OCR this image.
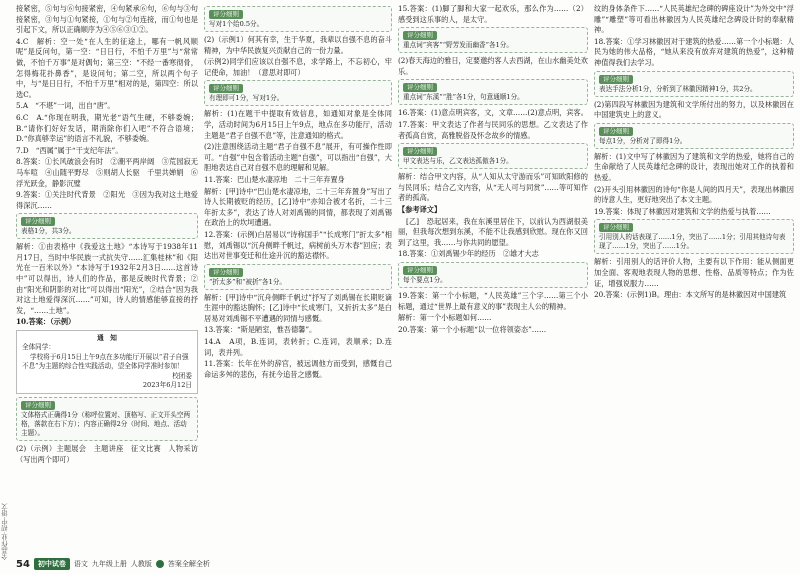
全品作业·初中·语文

接紧密，⑤句与⑥句接紧密，④句紧承⑥句，⑥句与③句接紧密，③句与①句紧接，①句与②句连接，而①句也是引起下文，所以正确顺序为④⑤⑥③①②。

4.C　解析：空一处“在人生的征途上，哪有一帆风顺呢”是反问句，第一空：“日日行，不怕千万里”与“常常做，不怕千万事”是对偶句；第三空：“不经一番寒彻骨，怎得梅花扑鼻香”，是设问句；第二空，所以两个句子中，与“是日日行，不怕千万里”相对的是，第四空：所以选C。

5.A　“不堪”一词，出自“唐”。

6.C　A.“你现在明我，期光老“语气生硬，不够委婉；B.“请你们好好发话，期消除你们入吧”不符合语境；D.“你真够幸运”的语言不礼貌，不够委婉。

7.D　“西属”属于“干支纪年法”。

8.答案：①长风破浪会有时　②潮平两岸阔　③荒园寂无马车喧　④山随平野尽　⑤则胡人长驱　千里共婵娟　⑥浮光跃金，静影沉璧

9.答案：①关注时代背景　②阳光　③因为我对这土地爱得深沉……

评分细则
表格1分，共3分。

解析：①由表格中《我爱这土地》“本诗写于1938年11月17日，当时中华民族一式抗失守……汇集桂林”和《阳光在一百米以外》“本诗写于1932年2月3日……这首诗中”可以得出，诗人们的作品，都是反映时代背景；②由“阳光和阴影的对比“可以得出“阳光”，②结合“因为我对这土地爱得深沉……”可知，诗人的情感能够直接的抒发，“……土地”。

10.答案：（示例）

通　知
全体同学：
学校将于6月15日上午9点在多功能厅开展以“君子自强不息”为主题的综合性实践活动，望全体同学准时参加！
校团委
2023年6月12日
评分细则
文体格式正确得1分（称呼位置对、顶格写、正文开头空两格，落款在右下方）；内容正确得2分（时间、地点、活动主题）。

(2)（示例）主题展会　主题讲座　征文比赛　人物采访（写出两个即可）

评分细则
写对1个给0.5分。

(2)（示例1）何其有幸，生于华夏，我辈以自强不息的奋斗精神，为中华民族复兴贡献自己的一份力量。

(示例2)同学们应该以自强不息，求学路上，不忘初心，牢记使命，加油！（意思对即可）

评分细则
有理即可1分，写对1分。

解析：(1)在题干中提取有效信息，如通知对象是全体同学，活动时间为6月15日上午9点，地点在多功能厅，活动主题是“君子自强不息”等，注意通知的格式。

(2)注意围绕活动主题“君子自强不息”展开，有可操作性即可。“自强”中包含着活动主题“自强”，可以指出“自强”，大胆地表达自己对自强不息的理解和见解。

11.答案：巴山楚水凄凉地　二十三年弃置身

解析：[甲]诗中“巴山楚水凄凉地，二十三年弃置身”写出了诗人长期被贬的经历，[乙]诗中“亦知合被才名折，二十三年折太多”，表达了诗人对刘禹锡的同情，都表现了刘禹锡在政治上的坎坷遭遇。

12.答案：(示例)白居易以“诗称国手”“长成寒门”折太多”相慰，刘禹锡以“沉舟侧畔千帆过，病树前头万木春”回应；表达出对世事变迁和仕途升沉的豁达襟怀。

评分细则
“折太多”和“被折”各1分。

解析：[甲]诗中“沉舟侧畔千帆过”抒写了刘禹锡在长期贬谪生涯中的豁达胸怀；[乙]诗中“长成寒门，又折折太多”是白居易对刘禹锡不平遭遇的同情与感慨。

13.答案：“斯是陋室，惟吾德馨”。

14.A　A项，B.连词，表转折；C.连词，表顺承；D.连词，表并列。

11.答案：长年在外的辞官，被远调他方而受到，感慨自己命运多舛的悲伤，有抚今追昔之感慨。

15.答案：(1)脚了脚和大家一起欢乐，那么作为……（2）感受到这乐事的人，是太守。

评分细则
重点词“宾客”“野芳发而幽香”各1分。

(2)春天海边的雅日，定要邀约客人去西湖，在山水幽美处欢乐。

评分细则
重点词“东溪”“胜”各1分，句意通顺1分。

16.答案：(1)意点明宾客，文，文章……(2)意点明，宾客。

17.答案：甲文表达了作者与民同乐的思想。乙文表达了作者孤高自赏，高雅脱俗及怀念故乡的情感。

评分细则
甲文表达与乐，乙文表达孤傲各1分。

解析：结合甲文内容，从“人知从太守游而乐”可知欧阳修的与民同乐；结合乙文内容，从“无人可与同赏”……等可知作者的孤高。

【参考译文】

[乙]　恐起居来，我在东溪里居住下，以前认为西湖很美丽，但我每次想到东溪，不能不让我感到欣慰。现在你又回到了这里，我……与你共同的愿望。

18.答案：①刘禹锡少年的经历　②雄才大志

评分细则
每个要点1分。

19.答案：第一个小标题，“人民英雄”三个字……第三个小标题，通过“世界上最有意义的事”表现主人公的精神。

解析：第一个小标题如何……

20.答案：第一个小标题“以一位将领姿态”……

纹的身体条件下……“人民英雄纪念碑的碑座设计”为外交中“浮雕”“雕塑”等可看出林徽因为人民英雄纪念碑设计时的奉献精神。

18.答案：①学习林徽因对于建筑的热爱……第一个小标题：人民为她的伟大品格，“她从来没有放弃对建筑的热爱”，这种精神值得我们去学习。

评分细则
表达手法分析1分，分析到了林徽因精神1分，共2分。

(2)第四段写林徽因为建筑和文学所付出的努力，以及林徽因在中国建筑史上的意义。

评分细则
每点1分，分析对了即得1分。

解析：(1)文中写了林徽因为了建筑和文学的热爱，她将自己的生命献给了人民英雄纪念碑的设计，表现出她对工作的执着和热爱。

(2)开头引用林徽因的诗句“你是人间的四月天”，表现出林徽因的诗意人生，更好地突出了本文主题。

19.答案：体现了林徽因对建筑和文学的热爱与执着……

评分细则
引用别人的话表现了……1分，突出了……1分；引用其他诗句表现了……1分，突出了……1分。

解析：引用别人的话评价人物，主要有以下作用：能从侧面更加全面、客观地表现人物的思想、性格、品质等特点；作为佐证，增强说服力……

20.答案：(示例1)B。理由：本文所写的是林徽因对中国建筑

54	初中试卷	语文 九年级上册 人教版 答案全解全析
